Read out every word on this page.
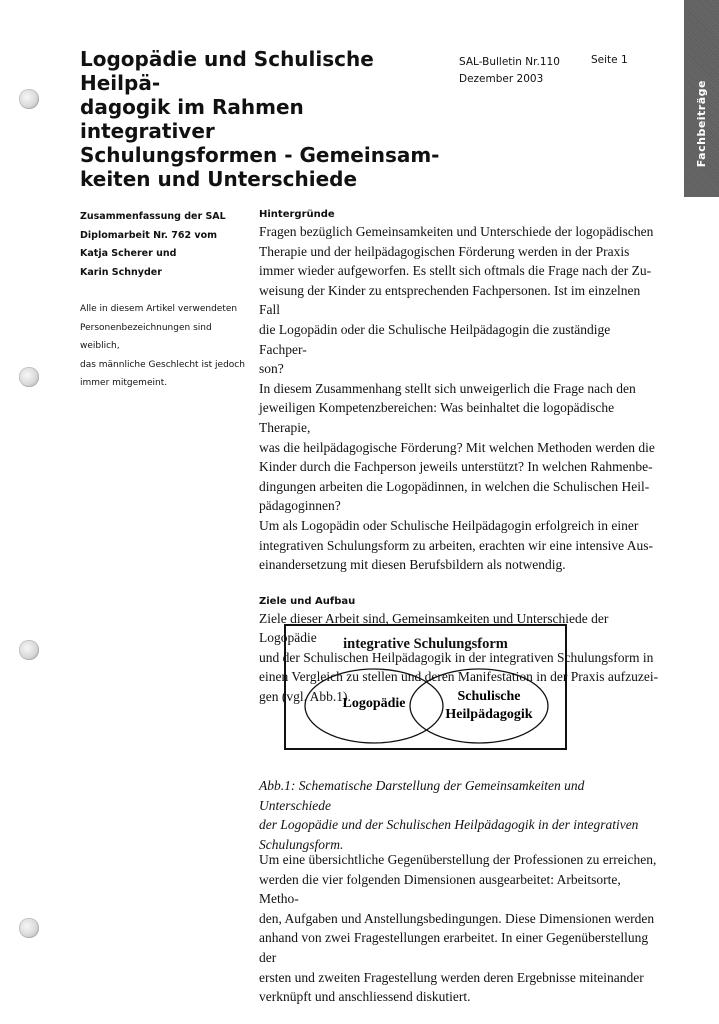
Fachbeiträge
Logopädie und Schulische Heilpä-
dagogik im Rahmen integrativer
Schulungsformen - Gemeinsam-
keiten und Unterschiede
SAL-Bulletin Nr.110
Dezember 2003
Seite 1
Zusammenfassung der SAL
Diplomarbeit Nr. 762 vom
Katja Scherer und
Karin Schnyder
Alle in diesem Artikel verwendeten
Personenbezeichnungen sind weiblich,
das männliche Geschlecht ist jedoch
immer mitgemeint.
Hintergründe
Fragen bezüglich Gemeinsamkeiten und Unterschiede der logopädischen
Therapie und der heilpädagogischen Förderung werden in der Praxis
immer wieder aufgeworfen. Es stellt sich oftmals die Frage nach der Zu-
weisung der Kinder zu entsprechenden Fachpersonen. Ist im einzelnen Fall
die Logopädin oder die Schulische Heilpädagogin die zuständige Fachper-
son?
In diesem Zusammenhang stellt sich unweigerlich die Frage nach den
jeweiligen Kompetenzbereichen: Was beinhaltet die logopädische Therapie,
was die heilpädagogische Förderung? Mit welchen Methoden werden die
Kinder durch die Fachperson jeweils unterstützt? In welchen Rahmenbe-
dingungen arbeiten die Logopädinnen, in welchen die Schulischen Heil-
pädagoginnen?
Um als Logopädin oder Schulische Heilpädagogin erfolgreich in einer
integrativen Schulungsform zu arbeiten, erachten wir eine intensive Aus-
einandersetzung mit diesen Berufsbildern als notwendig.
Ziele und Aufbau
Ziele dieser Arbeit sind, Gemeinsamkeiten und Unterschiede der Logopädie
und der Schulischen Heilpädagogik in der integrativen Schulungsform in
einen Vergleich zu stellen und deren Manifestation in der Praxis aufzuzei-
gen (vgl. Abb.1).
integrative Schulungsform
Logopädie	Schulische
Heilpädagogik
Abb.1: Schematische Darstellung der Gemeinsamkeiten und Unterschiede
der Logopädie und der Schulischen Heilpädagogik in der integrativen
Schulungsform.
Um eine übersichtliche Gegenüberstellung der Professionen zu erreichen,
werden die vier folgenden Dimensionen ausgearbeitet: Arbeitsorte, Metho-
den, Aufgaben und Anstellungsbedingungen. Diese Dimensionen werden
anhand von zwei Fragestellungen erarbeitet. In einer Gegenüberstellung der
ersten und zweiten Fragestellung werden deren Ergebnisse miteinander
verknüpft und anschliessend diskutiert.
